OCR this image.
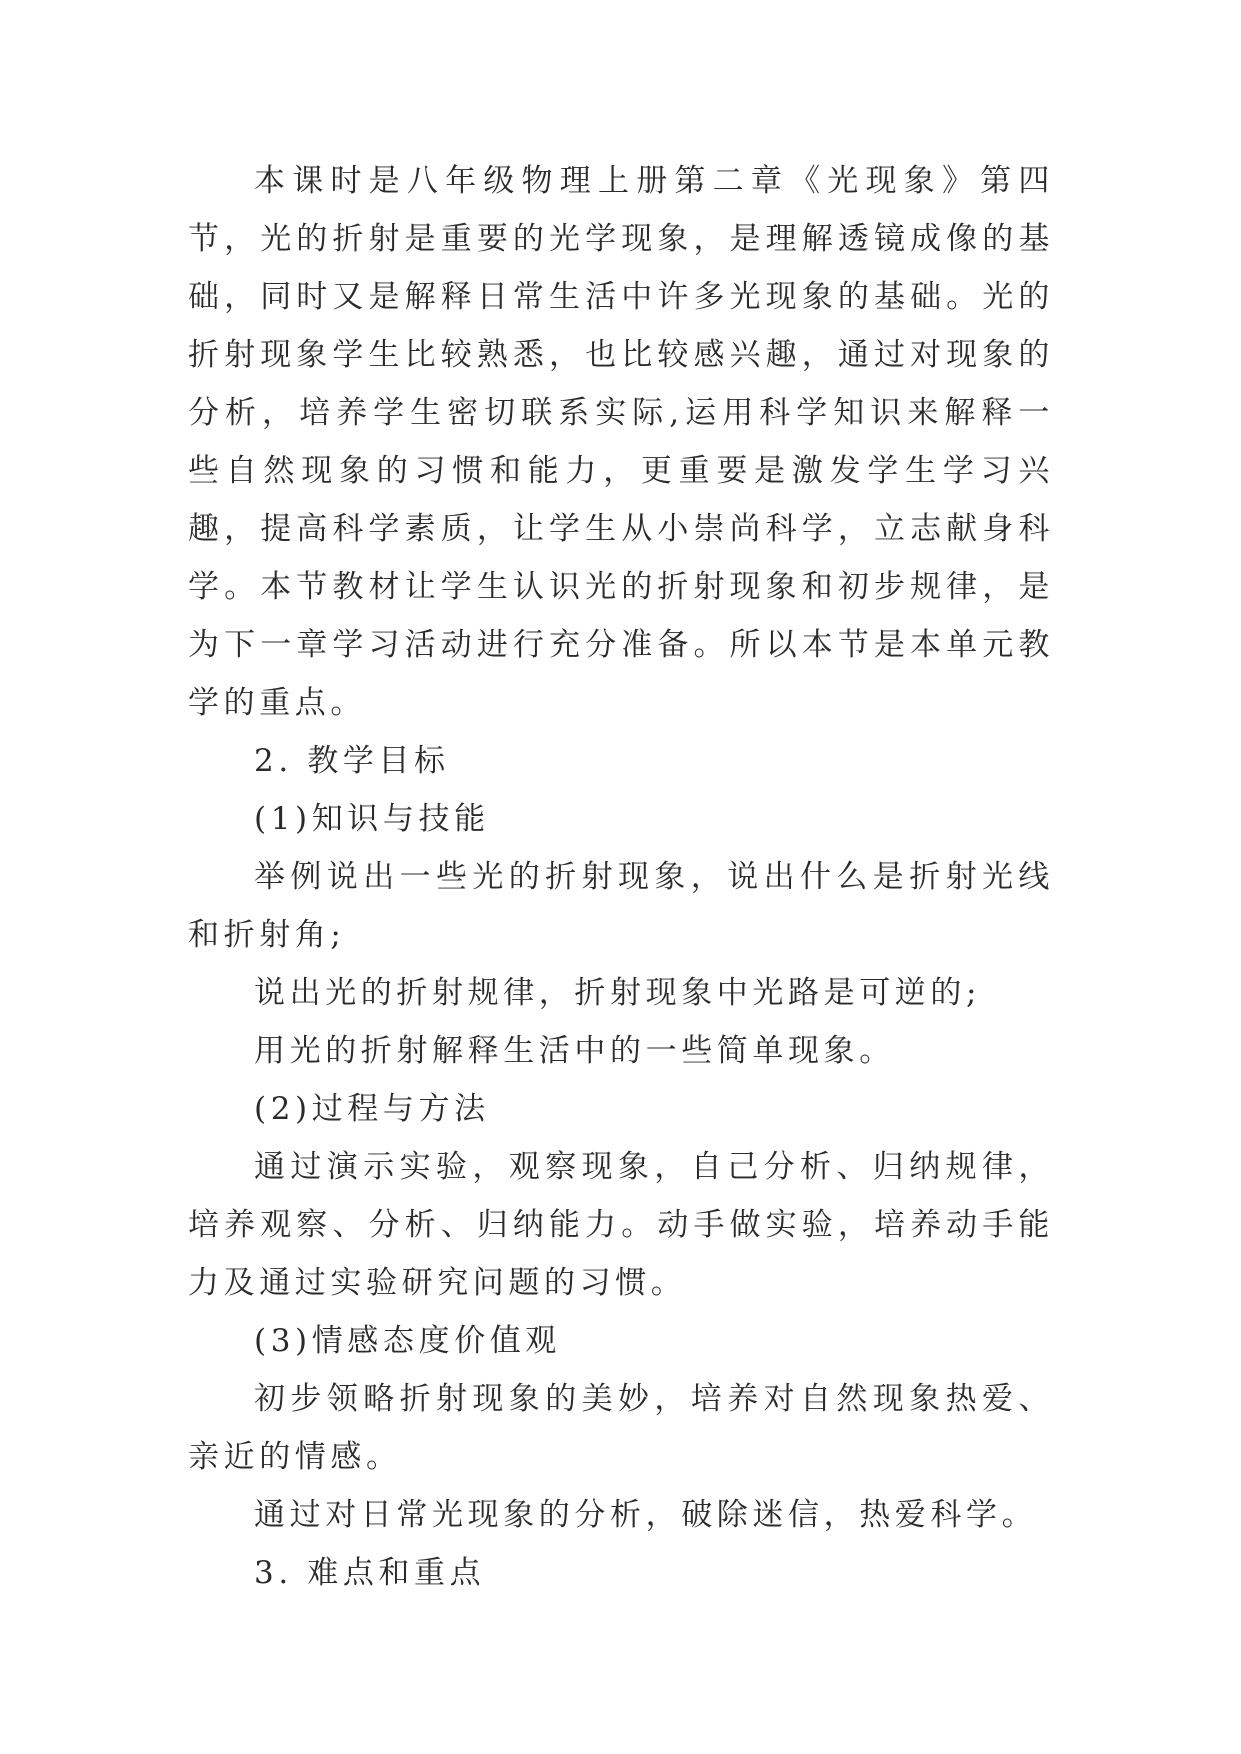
本课时是八年级物理上册第二章《光现象》第四节，光的折射是重要的光学现象，是理解透镜成像的基础，同时又是解释日常生活中许多光现象的基础。光的折射现象学生比较熟悉，也比较感兴趣，通过对现象的分析，培养学生密切联系实际,运用科学知识来解释一些自然现象的习惯和能力，更重要是激发学生学习兴趣，提高科学素质，让学生从小崇尚科学，立志献身科学。本节教材让学生认识光的折射现象和初步规律，是为下一章学习活动进行充分准备。所以本节是本单元教学的重点。

2. 教学目标

(1)知识与技能

举例说出一些光的折射现象，说出什么是折射光线和折射角;

说出光的折射规律，折射现象中光路是可逆的;

用光的折射解释生活中的一些简单现象。

(2)过程与方法

通过演示实验，观察现象，自己分析、归纳规律，培养观察、分析、归纳能力。动手做实验，培养动手能力及通过实验研究问题的习惯。

(3)情感态度价值观

初步领略折射现象的美妙，培养对自然现象热爱、亲近的情感。

通过对日常光现象的分析，破除迷信，热爱科学。

3. 难点和重点
